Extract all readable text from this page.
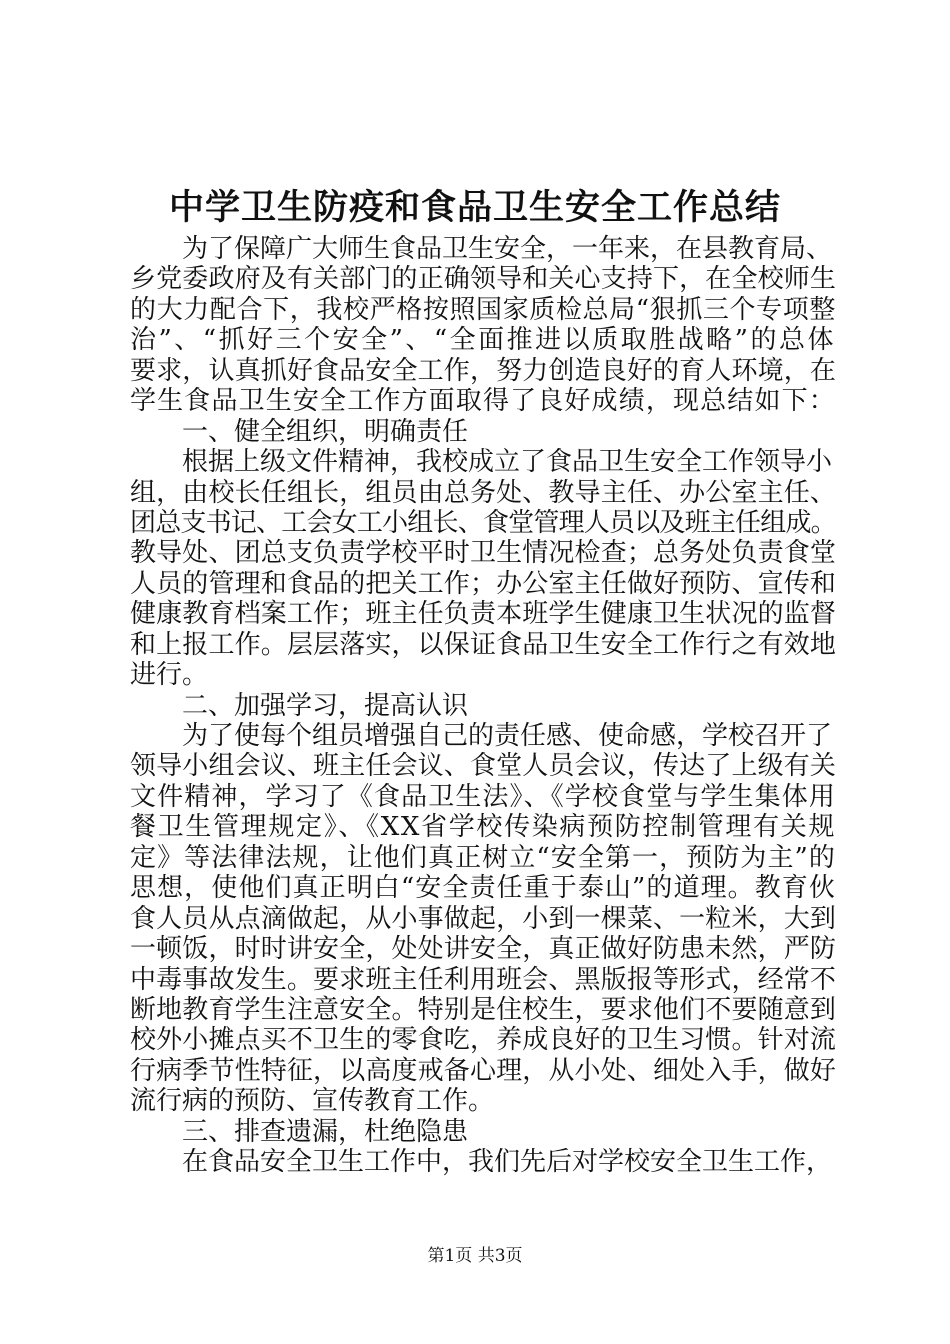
中学卫生防疫和食品卫生安全工作总结
为了保障广大师生食品卫生安全，一年来，在县教育局、
乡党委政府及有关部门的正确领导和关心支持下，在全校师生
的大力配合下，我校严格按照国家质检总局“狠抓三个专项整
治”、“抓好三个安全”、“全面推进以质取胜战略”的总体
要求，认真抓好食品安全工作，努力创造良好的育人环境，在
学生食品卫生安全工作方面取得了良好成绩，现总结如下：
一、健全组织，明确责任
根据上级文件精神，我校成立了食品卫生安全工作领导小
组，由校长任组长，组员由总务处、教导主任、办公室主任、
团总支书记、工会女工小组长、食堂管理人员以及班主任组成。
教导处、团总支负责学校平时卫生情况检查；总务处负责食堂
人员的管理和食品的把关工作；办公室主任做好预防、宣传和
健康教育档案工作；班主任负责本班学生健康卫生状况的监督
和上报工作。层层落实，以保证食品卫生安全工作行之有效地
进行。
二、加强学习，提高认识
为了使每个组员增强自己的责任感、使命感，学校召开了
领导小组会议、班主任会议、食堂人员会议，传达了上级有关
文件精神，学习了《食品卫生法》、《学校食堂与学生集体用
餐卫生管理规定》、《XX省学校传染病预防控制管理有关规
定》等法律法规，让他们真正树立“安全第一，预防为主”的
思想，使他们真正明白“安全责任重于泰山”的道理。教育伙
食人员从点滴做起，从小事做起，小到一棵菜、一粒米，大到
一顿饭，时时讲安全，处处讲安全，真正做好防患未然，严防
中毒事故发生。要求班主任利用班会、黑版报等形式，经常不
断地教育学生注意安全。特别是住校生，要求他们不要随意到
校外小摊点买不卫生的零食吃，养成良好的卫生习惯。针对流
行病季节性特征，以高度戒备心理，从小处、细处入手，做好
流行病的预防、宣传教育工作。
三、排查遗漏，杜绝隐患
在食品安全卫生工作中，我们先后对学校安全卫生工作，
第1页 共3页
